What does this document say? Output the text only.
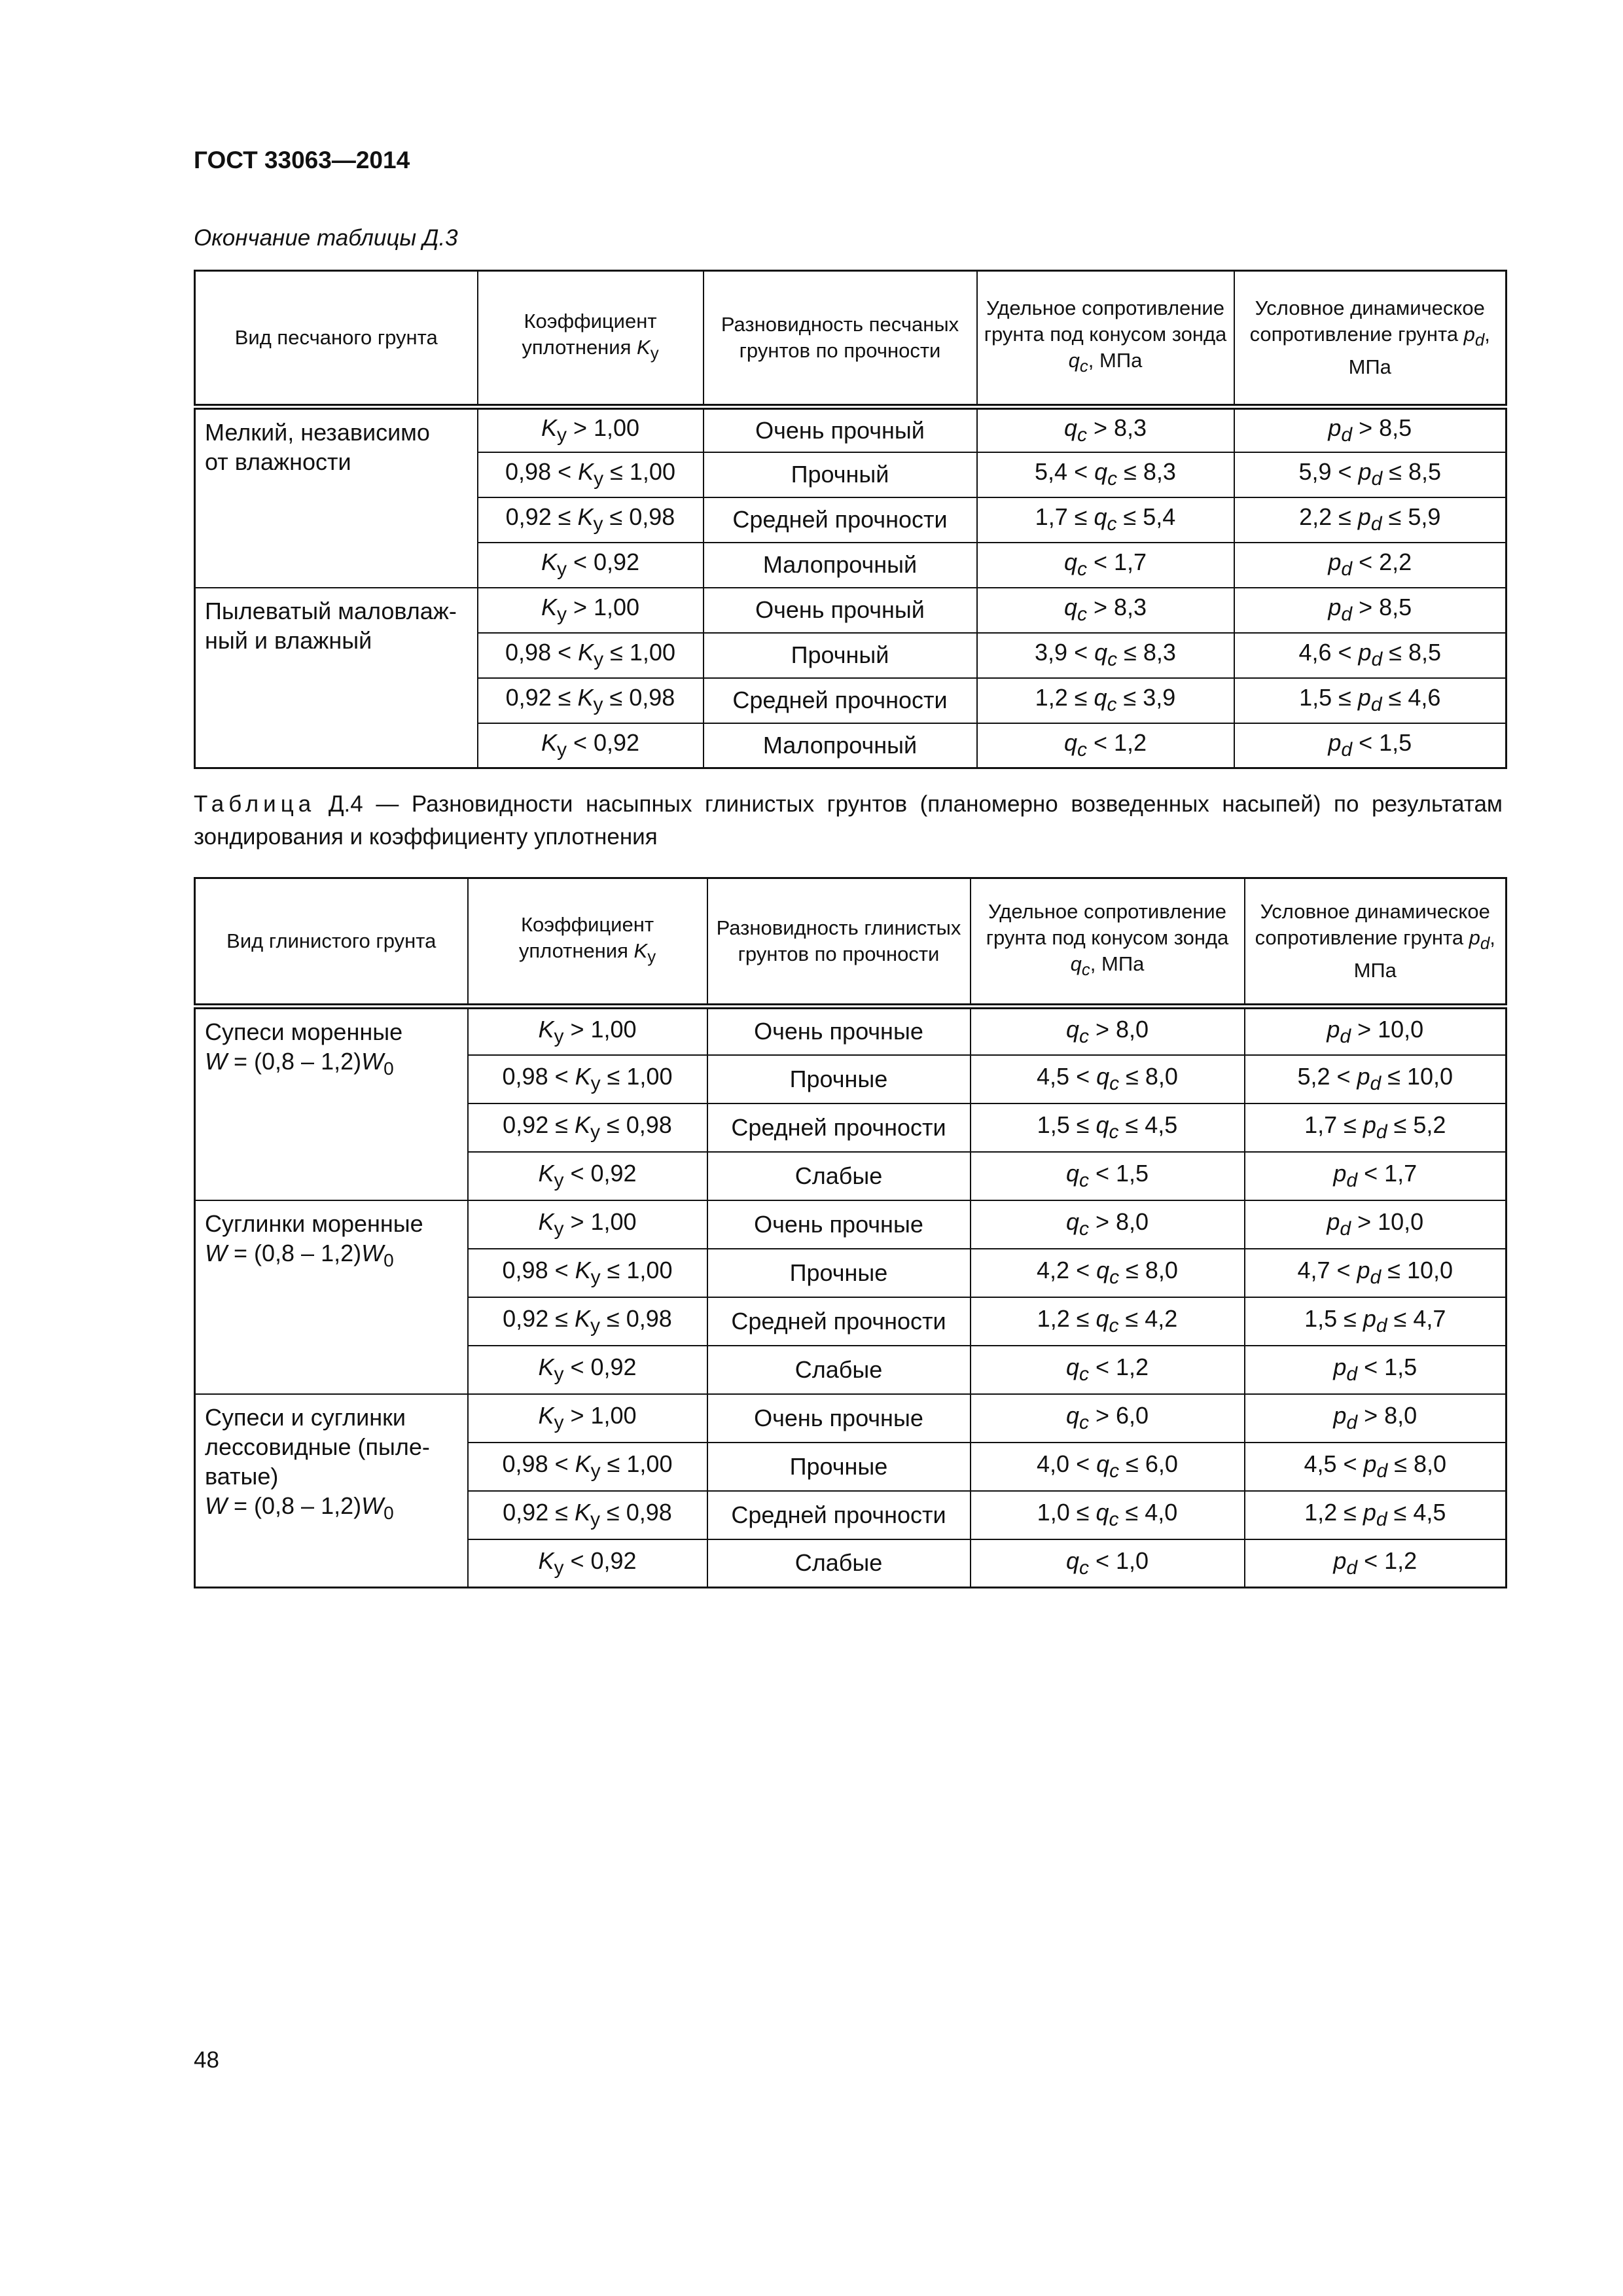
ГОСТ 33063—2014

Окончание таблицы Д.3

Вид песчаного грунта	Коэффициент уплотнения $K_у$	Разновидность песчаных грунтов по прочности	Удельное сопротивление грунта под конусом зонда $q_c$, МПа	Условное динамическое сопротивление грунта $p_d$, МПа

Мелкий, независимо
от влажности	$K_у > 1,00$	Очень прочный	$q_c > 8,3$	$p_d > 8,5$
	$0,98 < K_у \le 1,00$	Прочный	$5,4 < q_c \le 8,3$	$5,9 < p_d \le 8,5$
	$0,92 \le K_у \le 0,98$	Средней прочности	$1,7 \le q_c \le 5,4$	$2,2 \le p_d \le 5,9$
	$K_у < 0,92$	Малопрочный	$q_c < 1,7$	$p_d < 2,2$

Пылеватый маловлаж-
ный и влажный	$K_у > 1,00$	Очень прочный	$q_c > 8,3$	$p_d > 8,5$
	$0,98 < K_у \le 1,00$	Прочный	$3,9 < q_c \le 8,3$	$4,6 < p_d \le 8,5$
	$0,92 \le K_у \le 0,98$	Средней прочности	$1,2 \le q_c \le 3,9$	$1,5 \le p_d \le 4,6$
	$K_у < 0,92$	Малопрочный	$q_c < 1,2$	$p_d < 1,5$

Таблица Д.4 — Разновидности насыпных глинистых грунтов (планомерно возведенных насыпей) по результатам зондирования и коэффициенту уплотнения

Вид глинистого грунта	Коэффициент уплотнения $K_у$	Разновидность глинистых грунтов по прочности	Удельное сопротивление грунта под конусом зонда $q_c$, МПа	Условное динамическое сопротивление грунта $p_d$, МПа

Супеси моренные
$W = (0,8 - 1,2)W_0$	$K_у > 1,00$	Очень прочные	$q_c > 8,0$	$p_d > 10,0$
	$0,98 < K_у \le 1,00$	Прочные	$4,5 < q_c \le 8,0$	$5,2 < p_d \le 10,0$
	$0,92 \le K_у \le 0,98$	Средней прочности	$1,5 \le q_c \le 4,5$	$1,7 \le p_d \le 5,2$
	$K_у < 0,92$	Слабые	$q_c < 1,5$	$p_d < 1,7$

Суглинки моренные
$W = (0,8 - 1,2)W_0$	$K_у > 1,00$	Очень прочные	$q_c > 8,0$	$p_d > 10,0$
	$0,98 < K_у \le 1,00$	Прочные	$4,2 < q_c \le 8,0$	$4,7 < p_d \le 10,0$
	$0,92 \le K_у \le 0,98$	Средней прочности	$1,2 \le q_c \le 4,2$	$1,5 \le p_d \le 4,7$
	$K_у < 0,92$	Слабые	$q_c < 1,2$	$p_d < 1,5$

Супеси и суглинки
лессовидные (пыле-
ватые)
$W = (0,8 - 1,2)W_0$	$K_у > 1,00$	Очень прочные	$q_c > 6,0$	$p_d > 8,0$
	$0,98 < K_у \le 1,00$	Прочные	$4,0 < q_c \le 6,0$	$4,5 < p_d \le 8,0$
	$0,92 \le K_у \le 0,98$	Средней прочности	$1,0 \le q_c \le 4,0$	$1,2 \le p_d \le 4,5$
	$K_у < 0,92$	Слабые	$q_c < 1,0$	$p_d < 1,2$

48
